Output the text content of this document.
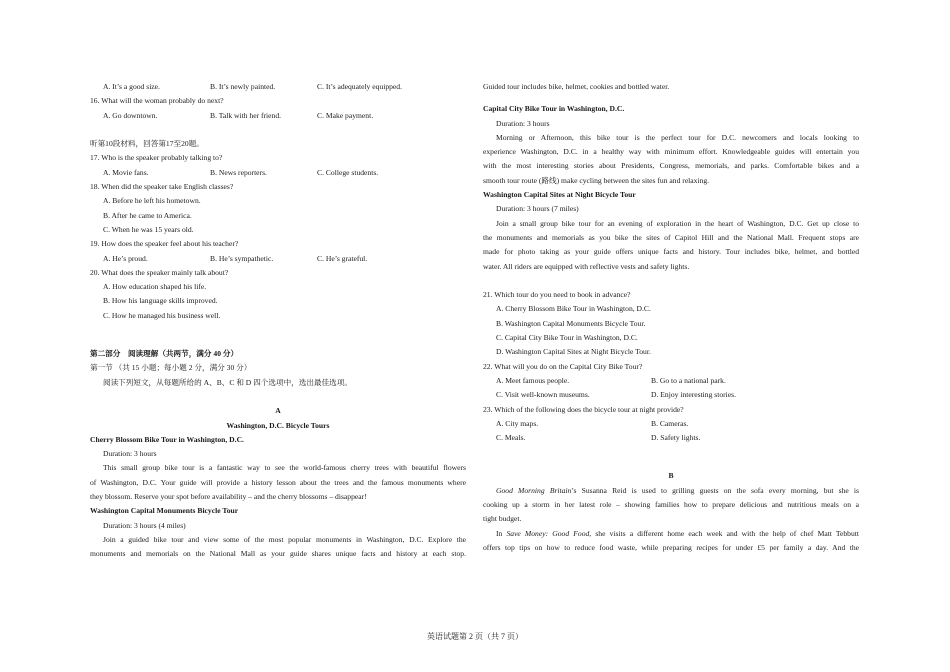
A. It’s a good size.	B. It’s newly painted.	C. It’s adequately equipped.
16. What will the woman probably do next?
A. Go downtown.	B. Talk with her friend.	C. Make payment.
听第10段材料，回答第17至20题。
17. Who is the speaker probably talking to?
A. Movie fans.	B. News reporters.	C. College students.
18. When did the speaker take English classes?
A. Before he left his hometown.
B. After he came to America.
C. When he was 15 years old.
19. How does the speaker feel about his teacher?
A. He’s proud.	B. He’s sympathetic.	C. He’s grateful.
20. What does the speaker mainly talk about?
A. How education shaped his life.
B. How his language skills improved.
C. How he managed his business well.
第二部分　阅读理解（共两节，满分 40 分）
第一节 （共 15 小题；每小题 2 分，满分 30 分）
阅读下列短文，从每题所给的 A、B、C 和 D 四个选项中，选出最佳选项。
A
Washington, D.C. Bicycle Tours
Cherry Blossom Bike Tour in Washington, D.C.
Duration: 3 hours
This small group bike tour is a fantastic way to see the world-famous cherry trees with beautiful flowers
of Washington, D.C. Your guide will provide a history lesson about the trees and the famous monuments where
they blossom. Reserve your spot before availability – and the cherry blossoms – disappear!
Washington Capital Monuments Bicycle Tour
Duration: 3 hours (4 miles)
Join a guided bike tour and view some of the most popular monuments in Washington, D.C. Explore the
monuments and memorials on the National Mall as your guide shares unique facts and history at each stop.
Guided tour includes bike, helmet, cookies and bottled water.
Capital City Bike Tour in Washington, D.C.
Duration: 3 hours
Morning or Afternoon, this bike tour is the perfect tour for D.C. newcomers and locals looking to
experience Washington, D.C. in a healthy way with minimum effort. Knowledgeable guides will entertain you
with the most interesting stories about Presidents, Congress, memorials, and parks. Comfortable bikes and a
smooth tour route (路线) make cycling between the sites fun and relaxing.
Washington Capital Sites at Night Bicycle Tour
Duration: 3 hours (7 miles)
Join a small group bike tour for an evening of exploration in the heart of Washington, D.C. Get up close to
the monuments and memorials as you bike the sites of Capitol Hill and the National Mall. Frequent stops are
made for photo taking as your guide offers unique facts and history. Tour includes bike, helmet, and bottled
water. All riders are equipped with reflective vests and safety lights.
21. Which tour do you need to book in advance?
A. Cherry Blossom Bike Tour in Washington, D.C.
B. Washington Capital Monuments Bicycle Tour.
C. Capital City Bike Tour in Washington, D.C.
D. Washington Capital Sites at Night Bicycle Tour.
22. What will you do on the Capital City Bike Tour?
A. Meet famous people.	B. Go to a national park.
C. Visit well-known museums.	D. Enjoy interesting stories.
23. Which of the following does the bicycle tour at night provide?
A. City maps.	B. Cameras.
C. Meals.	D. Safety lights.
B
Good Morning Britain’s Susanna Reid is used to grilling guests on the sofa every morning, but she is
cooking up a storm in her latest role – showing families how to prepare delicious and nutritious meals on a
tight budget.
In Save Money: Good Food, she visits a different home each week and with the help of chef Matt Tebbutt
offers top tips on how to reduce food waste, while preparing recipes for under £5 per family a day. And the
英语试题第 2 页（共 7 页）
